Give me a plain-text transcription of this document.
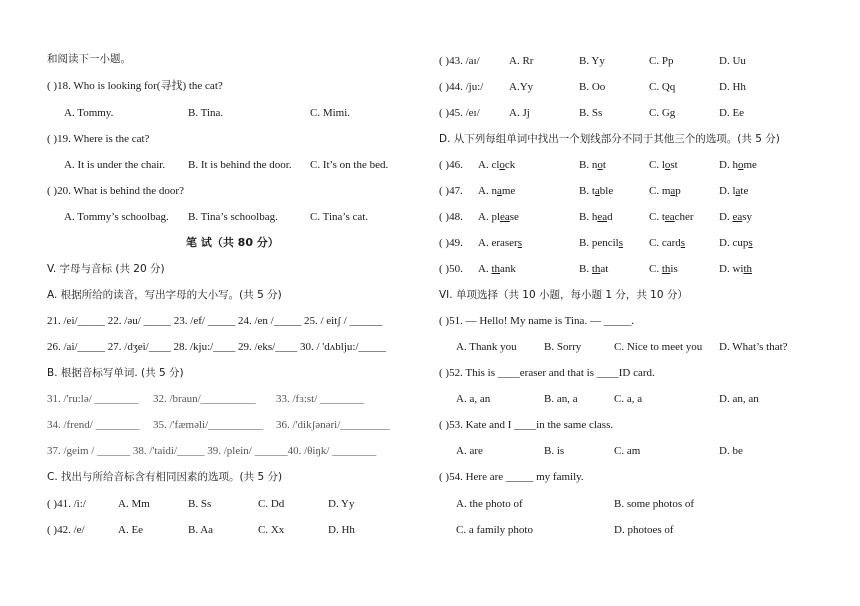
和阅读下一小题。
( )18. Who is looking for(寻找) the cat?
A. Tommy.	B. Tina.	C. Mimi.
( )19. Where is the cat?
A. It is under the chair. B. It is behind the door. C. It’s on the bed.
( )20. What is behind the door?
A. Tommy’s schoolbag. B. Tina’s schoolbag.	C. Tina’s cat.
笔 试（共 80 分）
V. 字母与音标 (共 20 分)
A. 根据所给的读音，写出字母的大小写。(共 5 分)
21. /ei/_____ 22. /əu/ _____ 23. /ef/ _____ 24. /en /_____ 25. / eitʃ / ______
26. /ai/_____ 27. /dʒei/____ 28. /kju:/____ 29. /eks/____ 30. / 'dʌblju:/_____
B. 根据音标写单词. (共 5 分)
31. /'ru:lə/ ________ 32. /braun/__________ 33. /fɜ:st/ ________
34. /frend/ ________ 35. /'fæməli/__________ 36. /'dikʃənəri/_________
37. /geim / ______ 38. /'taidi/_____ 39. /plein/ ______40. /θiŋk/ ________
C. 找出与所给音标含有相同因素的选项。(共 5 分)
( )41. /i:/	A. Mm	B. Ss	C. Dd	D. Yy
( )42. /e/	A. Ee	B. Aa	C. Xx	D. Hh
( )43. /aɪ/	A. Rr	B. Yy	C. Pp	D. Uu
( )44. /ju:/ A.Yy	B. Oo	C. Qq	D. Hh
( )45. /eɪ/	A. Jj	B. Ss	C. Gg	D. Ee
D. 从下列每组单词中找出一个划线部分不同于其他三个的选项。(共 5 分)
( )46. A. clock	B. not	C. lost	D. home
( )47. A. name	B. table	C. map	D. late
( )48. A. please	B. head	C. teacher D. easy
( )49. A. erasers	B. pencils C. cards	D. cups
( )50. A. thank	B. that	C. this	D. with
VI. 单项选择（共 10 小题，每小题 1 分，共 10 分）
( )51. — Hello! My name is Tina. — _____.
A. Thank you B. Sorry	C. Nice to meet you D. What’s that?
( )52. This is ____eraser and that is ____ID card.
A. a, an	B. an, a	C. a, a	D. an, an
( )53. Kate and I ____in the same class.
A. are	B. is	C. am	D. be
( )54. Here are _____ my family.
A. the photo of	B. some photos of
C. a family photo	D. photoes of
